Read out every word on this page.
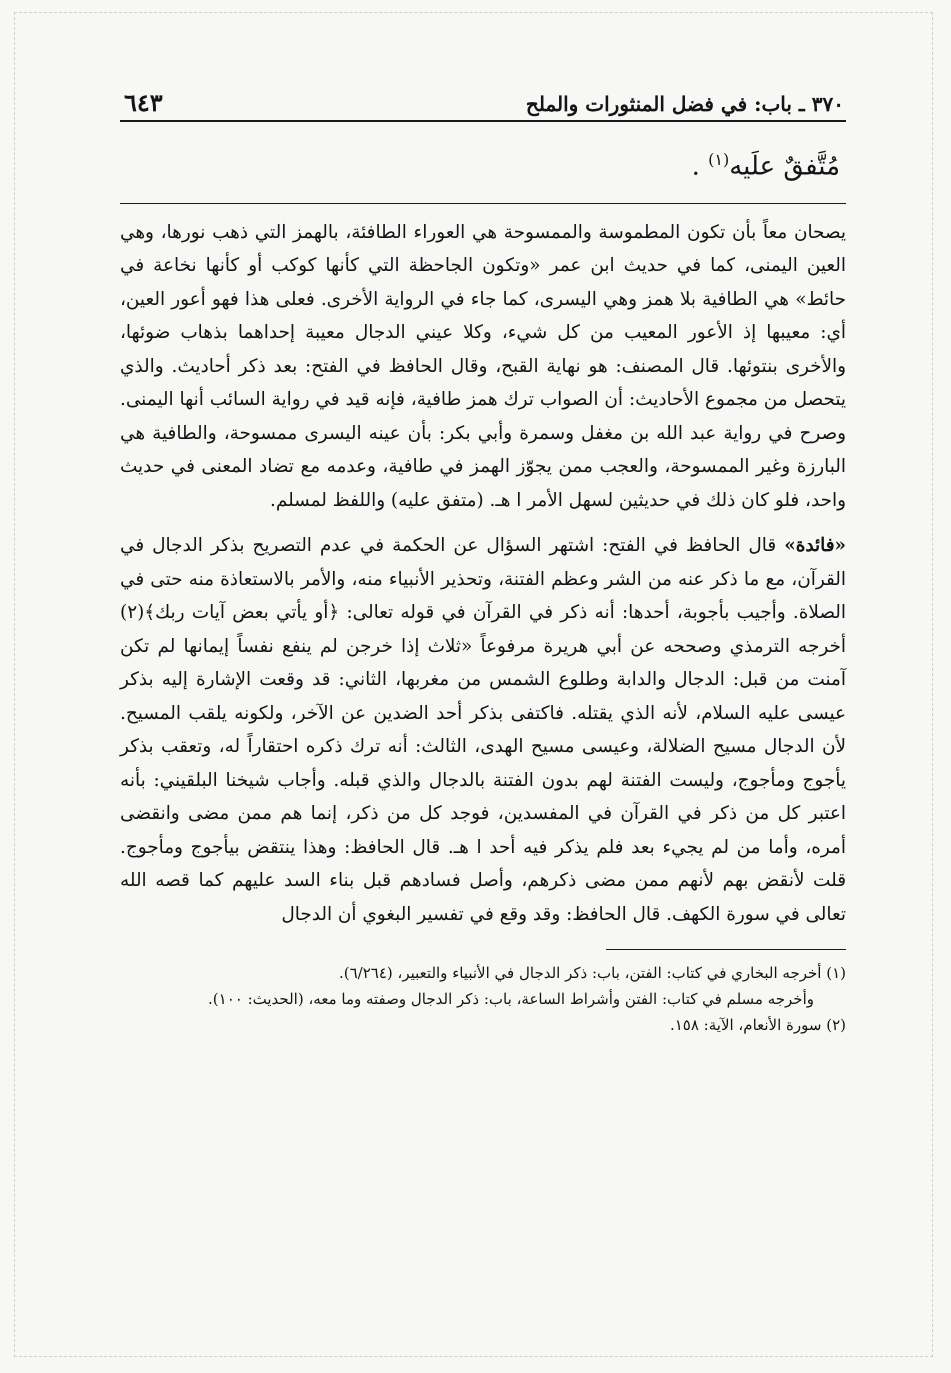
٣٧٠ ـ باب: في فضل المنثورات والملح
٦٤٣
مُتَّفقٌ علَيه$^{(١)}$ .

يصحان معاً بأن تكون المطموسة والممسوحة هي العوراء الطافئة، بالهمز التي ذهب نورها، وهي العين اليمنى، كما في حديث ابن عمر «وتكون الجاحظة التي كأنها كوكب أو كأنها نخاعة في حائط» هي الطافية بلا همز وهي اليسرى، كما جاء في الرواية الأخرى. فعلى هذا فهو أعور العين، أي: معيبها إذ الأعور المعيب من كل شيء، وكلا عيني الدجال معيبة إحداهما بذهاب ضوئها، والأخرى بنتوئها. قال المصنف: هو نهاية القبح، وقال الحافظ في الفتح: بعد ذكر أحاديث. والذي يتحصل من مجموع الأحاديث: أن الصواب ترك همز طافية، فإنه قيد في رواية السائب أنها اليمنى. وصرح في رواية عبد الله بن مغفل وسمرة وأبي بكر: بأن عينه اليسرى ممسوحة، والطافية هي البارزة وغير الممسوحة، والعجب ممن يجوّز الهمز في طافية، وعدمه مع تضاد المعنى في حديث واحد، فلو كان ذلك في حديثين لسهل الأمر ا هـ. (متفق عليه) واللفظ لمسلم.

«فائدة» قال الحافظ في الفتح: اشتهر السؤال عن الحكمة في عدم التصريح بذكر الدجال في القرآن، مع ما ذكر عنه من الشر وعظم الفتنة، وتحذير الأنبياء منه، والأمر بالاستعاذة منه حتى في الصلاة. وأجيب بأجوبة، أحدها: أنه ذكر في القرآن في قوله تعالى: ﴿أو يأتي بعض آيات ربك﴾(٢) أخرجه الترمذي وصححه عن أبي هريرة مرفوعاً «ثلاث إذا خرجن لم ينفع نفساً إيمانها لم تكن آمنت من قبل: الدجال والدابة وطلوع الشمس من مغربها، الثاني: قد وقعت الإشارة إليه بذكر عيسى عليه السلام، لأنه الذي يقتله. فاكتفى بذكر أحد الضدين عن الآخر، ولكونه يلقب المسيح. لأن الدجال مسيح الضلالة، وعيسى مسيح الهدى، الثالث: أنه ترك ذكره احتقاراً له، وتعقب بذكر يأجوج ومأجوج، وليست الفتنة لهم بدون الفتنة بالدجال والذي قبله. وأجاب شيخنا البلقيني: بأنه اعتبر كل من ذكر في القرآن في المفسدين، فوجد كل من ذكر، إنما هم ممن مضى وانقضى أمره، وأما من لم يجيء بعد فلم يذكر فيه أحد ا هـ. قال الحافظ: وهذا ينتقض بيأجوج ومأجوج. قلت لأنقض بهم لأنهم ممن مضى ذكرهم، وأصل فسادهم قبل بناء السد عليهم كما قصه الله تعالى في سورة الكهف. قال الحافظ: وقد وقع في تفسير البغوي أن الدجال

(١) أخرجه البخاري في كتاب: الفتن، باب: ذكر الدجال في الأنبياء والتعبير، (٦/٢٦٤).

وأخرجه مسلم في كتاب: الفتن وأشراط الساعة، باب: ذكر الدجال وصفته وما معه، (الحديث: ١٠٠).

(٢) سورة الأنعام، الآية: ١٥٨.
